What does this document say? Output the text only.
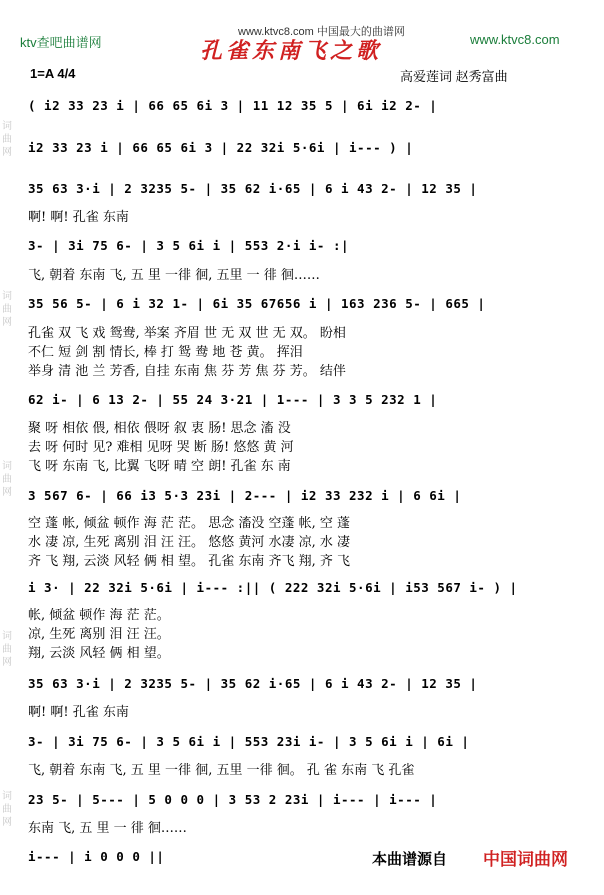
词曲网
词曲网
词曲网
词曲网
词曲网
ktv查吧曲谱网
www.ktvc8.com 中国最大的曲谱网	www.ktvc8.com
孔雀东南飞之歌
1=A 4/4	高爱莲词 赵秀富曲
( i2 33 23 i | 66 65 6i 3 | 11 12 35 5 | 6i i2 2- |
i2 33 23 i | 66 65 6i 3 | 22 32i 5·6i | i--- ) |
35 63 3·i | 2 3235 5- | 35 62 i·65 | 6 i 43 2- | 12 35 |
啊! 啊! 孔雀 东南
3- | 3i 75 6- | 3 5 6i i | 553 2·i i- :|
飞, 朝着 东南 飞, 五 里 一徘 徊, 五里 一 徘 徊……
35 56 5- | 6 i 32 1- | 6i 35 67656 i | 163 236 5- | 665 |
孔雀 双 飞 戏 鸳鸯, 举案 齐眉 世 无 双 世 无 双。 盼相
不仁 短 剑 割 情长, 棒 打 鸳 鸯 地 苍 黄。 挥泪
举身 清 池 兰 芳香, 自挂 东南 焦 芬 芳 焦 芬 芳。 结伴
62 i- | 6 13 2- | 55 24 3·21 | 1--- | 3 3 5 232 1 |
聚 呀 相依 偎, 相依 偎呀 叙 衷 肠! 思念 滀 没
去 呀 何时 见? 难相 见呀 哭 断 肠! 悠悠 黄 河
飞 呀 东南 飞, 比翼 飞呀 晴 空 朗! 孔雀 东 南
3 567 6- | 66 i3 5·3 23i | 2--- | i2 33 232 i | 6 6i |
空 蓬 帐, 倾盆 顿作 海 茫 茫。 思念 滀没 空蓬 帐, 空 蓬
水 凄 凉, 生死 离别 泪 汪 汪。 悠悠 黄河 水凄 凉, 水 凄
齐 飞 翔, 云淡 风轻 俩 相 望。 孔雀 东南 齐飞 翔, 齐 飞
i 3· | 22 32i 5·6i | i--- :|| ( 222 32i 5·6i | i53 567 i- ) |
帐, 倾盆 顿作 海 茫 茫。
凉, 生死 离别 泪 汪 汪。
翔, 云淡 风轻 俩 相 望。
35 63 3·i | 2 3235 5- | 35 62 i·65 | 6 i 43 2- | 12 35 |
啊! 啊! 孔雀 东南
3- | 3i 75 6- | 3 5 6i i | 553 23i i- | 3 5 6i i | 6i |
飞, 朝着 东南 飞, 五 里 一徘 徊, 五里 一徘 徊。 孔 雀 东南 飞 孔雀
23 5- | 5--- | 5 0 0 0 | 3 53 2 23i | i--- | i--- |
东南 飞, 五 里 一 徘 徊……
i--- | i 0 0 0 ||	本曲谱源自 中国词曲网
